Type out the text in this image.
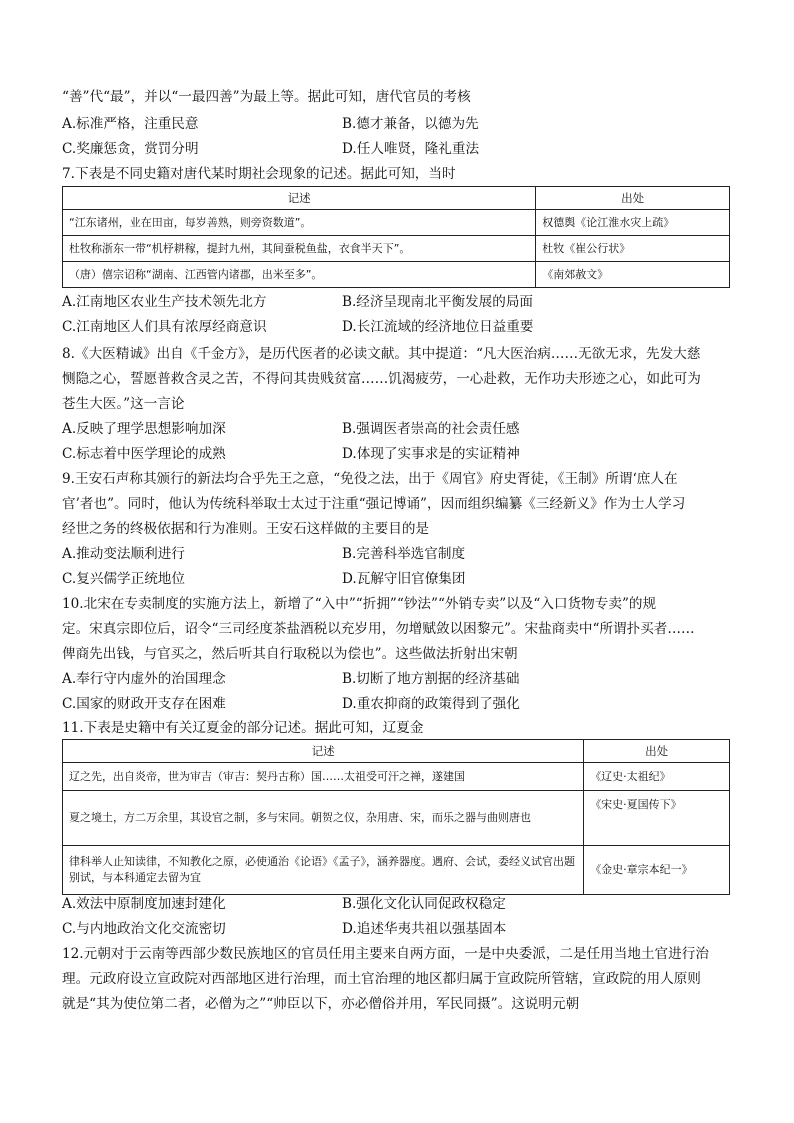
“善”代“最”，并以“一最四善”为最上等。据此可知，唐代官员的考核
A.标准严格，注重民意	B.德才兼备，以德为先
C.奖廉惩贪，赏罚分明	D.任人唯贤，隆礼重法
7.下表是不同史籍对唐代某时期社会现象的记述。据此可知，当时
记述	出处
“江东诸州，业在田亩，每岁善熟，则旁资数道”。	权德舆《论江淮水灾上疏》
杜牧称浙东一带“机杼耕稼，提封九州，其间蚕税鱼盐，衣食半天下”。	杜牧《崔公行状》
（唐）僖宗诏称“湖南、江西管内诸郡，出米至多”。	《南郊赦文》
A.江南地区农业生产技术领先北方	B.经济呈现南北平衡发展的局面
C.江南地区人们具有浓厚经商意识	D.长江流域的经济地位日益重要
8.《大医精诚》出自《千金方》，是历代医者的必读文献。其中提道：“凡大医治病……无欲无求，先发大慈
恻隐之心，誓愿普救含灵之苦，不得问其贵贱贫富……饥渴疲劳，一心赴救，无作功夫形迹之心，如此可为
苍生大医。”这一言论
A.反映了理学思想影响加深	B.强调医者崇高的社会责任感
C.标志着中医学理论的成熟	D.体现了实事求是的实证精神
9.王安石声称其颁行的新法均合乎先王之意，“免役之法，出于《周官》府史胥徒，《王制》所谓‘庶人在
官’者也”。同时，他认为传统科举取士太过于注重“强记博诵”，因而组织编纂《三经新义》作为士人学习
经世之务的终极依据和行为准则。王安石这样做的主要目的是
A.推动变法顺利进行	B.完善科举选官制度
C.复兴儒学正统地位	D.瓦解守旧官僚集团
10.北宋在专卖制度的实施方法上，新增了“入中”“折拥”“钞法”“外销专卖”以及“入口货物专卖”的规
定。宋真宗即位后，诏令“三司经度茶盐酒税以充岁用，勿增赋敛以困黎元”。宋盐商卖中“所谓扑买者……
俾商先出钱，与官买之，然后听其自行取税以为偿也”。这些做法折射出宋朝
A.奉行守内虚外的治国理念	B.切断了地方割据的经济基础
C.国家的财政开支存在困难	D.重农抑商的政策得到了强化
11.下表是史籍中有关辽夏金的部分记述。据此可知，辽夏金
记述	出处
辽之先，出自炎帝，世为审吉（审吉：契丹古称）国……太祖受可汗之禅，遂建国	《辽史·太祖纪》
夏之境土，方二万余里，其设官之制，多与宋同。朝贺之仪，杂用唐、宋，而乐之器与曲则唐也	《宋史·夏国传下》
律科举人止知读律，不知教化之原，必使通治《论语》《孟子》，涵养器度。遇府、会试，委经义试官出题别试，与本科通定去留为宜	《金史·章宗本纪一》
A.效法中原制度加速封建化	B.强化文化认同促政权稳定
C.与内地政治文化交流密切	D.追述华夷共祖以强基固本
12.元朝对于云南等西部少数民族地区的官员任用主要来自两方面，一是中央委派，二是任用当地土官进行治
理。元政府设立宣政院对西部地区进行治理，而土官治理的地区都归属于宣政院所管辖，宣政院的用人原则
就是“其为使位第二者，必僧为之”“帅臣以下，亦必僧俗并用，军民同摄”。这说明元朝
